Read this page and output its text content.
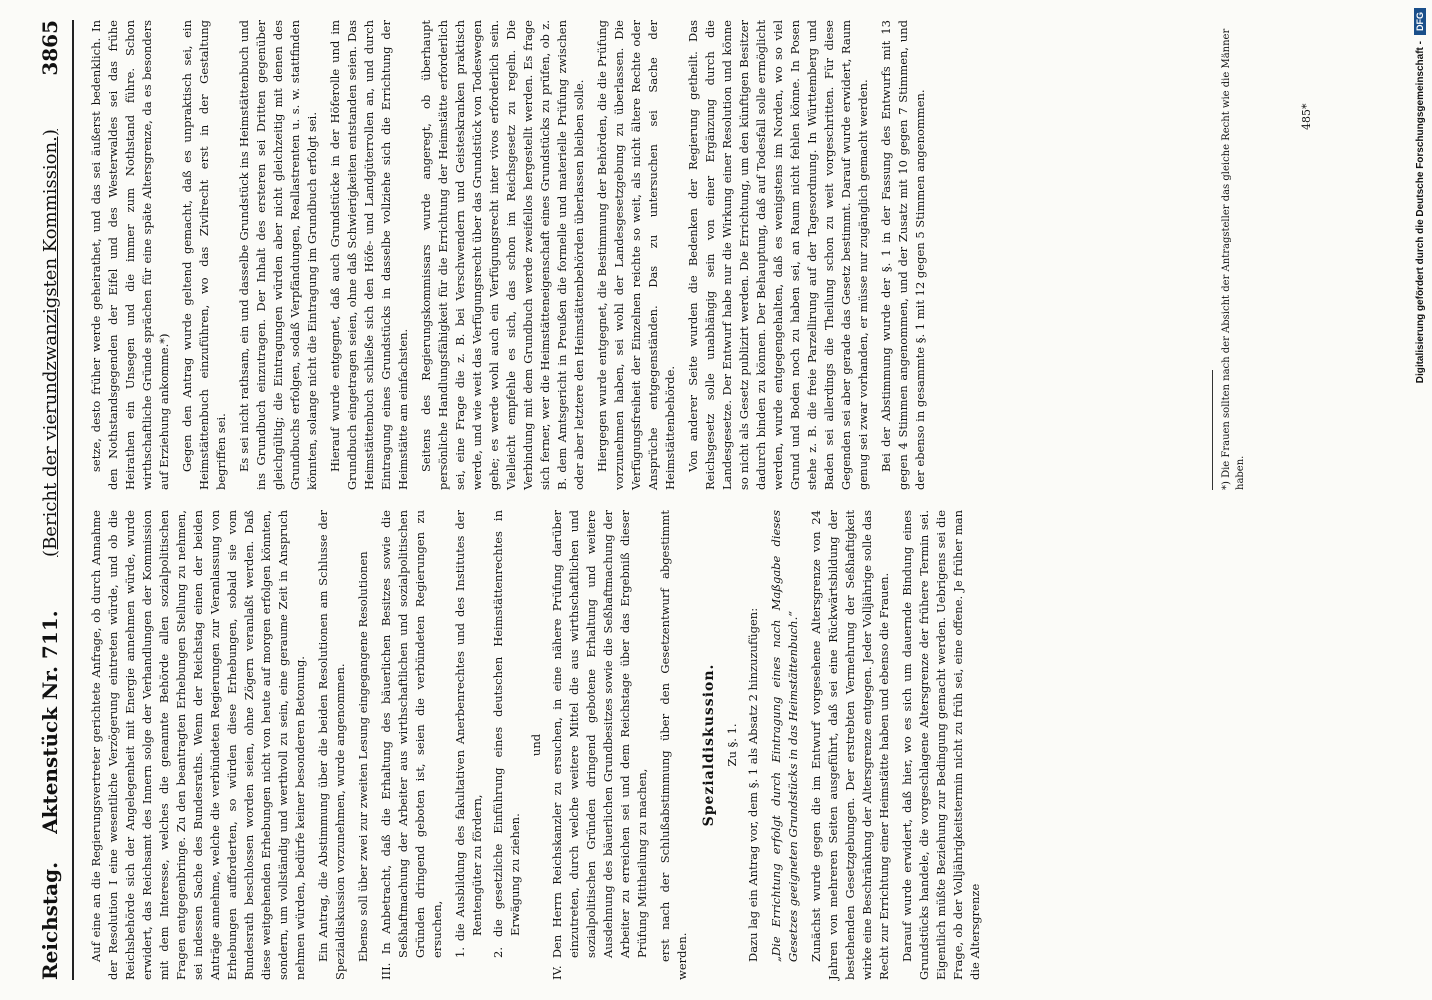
Reichstag.
Aktenstück Nr. 711.
(Bericht der vierundzwanzigsten Kommission.)
3865

Auf eine an die Regierungsvertreter gerichtete Anfrage, ob durch Annahme der Resolution I eine wesentliche Verzögerung eintreten würde, und ob die Reichsbehörde sich der Angelegenheit mit Energie annehmen würde, wurde erwidert, das Reichsamt des Innern solge der Verhandlungen der Kommission mit dem Interesse, welches die genannte Behörde allen sozialpolitischen Fragen entgegenbringe. Zu den beantragten Erhebungen Stellung zu nehmen, sei indessen Sache des Bundesraths. Wenn der Reichstag einen der beiden Anträge annehme, welche die verbündeten Regierungen zur Veranlassung von Erhebungen aufforderten, so würden diese Erhebungen, sobald sie vom Bundesrath beschlossen worden seien, ohne Zögern veranlaßt werden. Daß diese weitgehenden Erhebungen nicht von heute auf morgen erfolgen könnten, sondern, um vollständig und werthvoll zu sein, eine geraume Zeit in Anspruch nehmen würden, bedürfe keiner besonderen Betonung. Ein Antrag, die Abstimmung über die beiden Resolutionen am Schlusse der Spezialdiskussion vorzunehmen, wurde angenommen. Ebenso soll über zwei zur zweiten Lesung eingegangene Resolutionen III. In Anbetracht, daß die Erhaltung des bäuerlichen Besitzes sowie die Seßhaftmachung der Arbeiter aus wirthschaftlichen und sozialpolitischen Gründen dringend geboten ist, seien die verbündeten Regierungen zu ersuchen, 1. die Ausbildung des fakultativen Anerbenrechtes und des Institutes der Rentengüter zu fördern, 2. die gesetzliche Einführung eines deutschen Heimstättenrechtes in Erwägung zu ziehen.
und IV. Den Herrn Reichskanzler zu ersuchen, in eine nähere Prüfung darüber einzutreten, durch welche weitere Mittel die aus wirthschaftlichen und sozialpolitischen Gründen dringend gebotene Erhaltung und weitere Ausdehnung des bäuerlichen Grundbesitzes sowie die Seßhaftmachung der Arbeiter zu erreichen sei und dem Reichstage über das Ergebniß dieser Prüfung Mittheilung zu machen, erst nach der Schlußabstimmung über den Gesetzentwurf abgestimmt werden.

Spezialdiskussion. Zu §. 1. Dazu lag ein Antrag vor, dem §. 1 als Absatz 2 hinzuzufügen: „Die Errichtung erfolgt durch Eintragung eines nach Maßgabe dieses Gesetzes geeigneten Grundstücks in das Heimstättenbuch.“ Zunächst wurde gegen die im Entwurf vorgesehene Altersgrenze von 24 Jahren von mehreren Seiten ausgeführt, daß sei eine Rückwärtsbildung der bestehenden Gesetzgebungen. Der erstrebten Vermehrung der Seßhaftigkeit wirke eine Beschränkung der Altersgrenze entgegen. Jeder Volljährige solle das Recht zur Errichtung einer Heimstätte haben und ebenso die Frauen. Darauf wurde erwidert, daß hier, wo es sich um dauernde Bindung eines Grundstücks handele, die vorgeschlagene Altersgrenze der frühere Termin sei. Eigentlich müßte Beziehung zur Bedingung gemacht werden. Uebrigens sei die Frage, ob der Volljährigkeitstermin nicht zu früh sei, eine offene. Je früher man die Altersgrenze

setze, desto früher werde geheirathet, und das sei äußerst bedenklich. In den Nothstandsgegenden der Eifel und des Westerwaldes sei das frühe Heirathen ein Unsegen und die immer zum Nothstand führe. Schon wirthschaftliche Gründe sprächen für eine späte Altersgrenze, da es besonders auf Erziehung ankomme.*) Gegen den Antrag wurde geltend gemacht, daß es unpraktisch sei, ein Heimstättenbuch einzuführen, wo das Zivilrecht erst in der Gestaltung begriffen sei. Es sei nicht rathsam, ein und dasselbe Grundstück ins Heimstättenbuch und ins Grundbuch einzutragen. Der Inhalt des ersteren sei Dritten gegenüber gleichgültig; die Eintragungen würden aber nicht gleichzeitig mit denen des Grundbuchs erfolgen, sodaß Verpfändungen, Reallastrenten u. s. w. stattfinden könnten, solange nicht die Eintragung im Grundbuch erfolgt sei. Hierauf wurde entgegnet, daß auch Grundstücke in der Höferolle und im Grundbuch eingetragen seien, ohne daß Schwierigkeiten entstanden seien. Das Heimstättenbuch schließe sich den Höfe- und Landgüterrollen an, und durch Eintragung eines Grundstücks in dasselbe vollziehe sich die Errichtung der Heimstätte am einfachsten. Seitens des Regierungskommissars wurde angeregt, ob überhaupt persönliche Handlungsfähigkeit für die Errichtung der Heimstätte erforderlich sei, eine Frage die z. B. bei Verschwendern und Geisteskranken praktisch werde, und wie weit das Verfügungsrecht über das Grundstück von Todeswegen gehe; es werde wohl auch ein Verfügungsrecht inter vivos erforderlich sein. Vielleicht empfehle es sich, das schon im Reichsgesetz zu regeln. Die Verbindung mit dem Grundbuch werde zweifellos hergestellt werden. Es frage sich ferner, wer die Heimstätteneigenschaft eines Grundstücks zu prüfen, ob z. B. dem Amtsgericht in Preußen die formelle und materielle Prüfung zwischen oder aber letztere den Heimstättenbehörden überlassen bleiben solle. Hiergegen wurde entgegnet, die Bestimmung der Behörden, die die Prüfung vorzunehmen haben, sei wohl der Landesgesetzgebung zu überlassen. Die Verfügungsfreiheit der Einzelnen reichte so weit, als nicht ältere Rechte oder Ansprüche entgegenständen. Das zu untersuchen sei Sache der Heimstättenbehörde. Von anderer Seite wurden die Bedenken der Regierung getheilt. Das Reichsgesetz solle unabhängig sein von einer Ergänzung durch die Landesgesetze. Der Entwurf habe nur die Wirkung einer Resolution und könne so nicht als Gesetz publizirt werden. Die Errichtung, um den künftigen Besitzer dadurch binden zu können. Der Behauptung, daß auf Todesfall solle ermöglicht werden, wurde entgegengehalten, daß es wenigstens im Norden, wo so viel Grund und Boden noch zu haben sei, an Raum nicht fehlen könne. In Posen stehe z. B. die freie Parzellirung auf der Tagesordnung. In Württemberg und Baden sei allerdings die Theilung schon zu weit vorgeschritten. Für diese Gegenden sei aber gerade das Gesetz bestimmt. Darauf wurde erwidert, Raum genug sei zwar vorhanden, er müsse nur zugänglich gemacht werden. Bei der Abstimmung wurde der §. 1 in der Fassung des Entwurfs mit 13 gegen 4 Stimmen angenommen, und der Zusatz mit 10 gegen 7 Stimmen, und der ebenso in gesammte §. 1 mit 12 gegen 5 Stimmen angenommen.	*) Die Frauen sollten nach der Absicht der Antragsteller das gleiche Recht wie die Männer haben.
485*	Digitalisierung gefördert durch die Deutsche Forschungsgemeinschaft -
DFG
